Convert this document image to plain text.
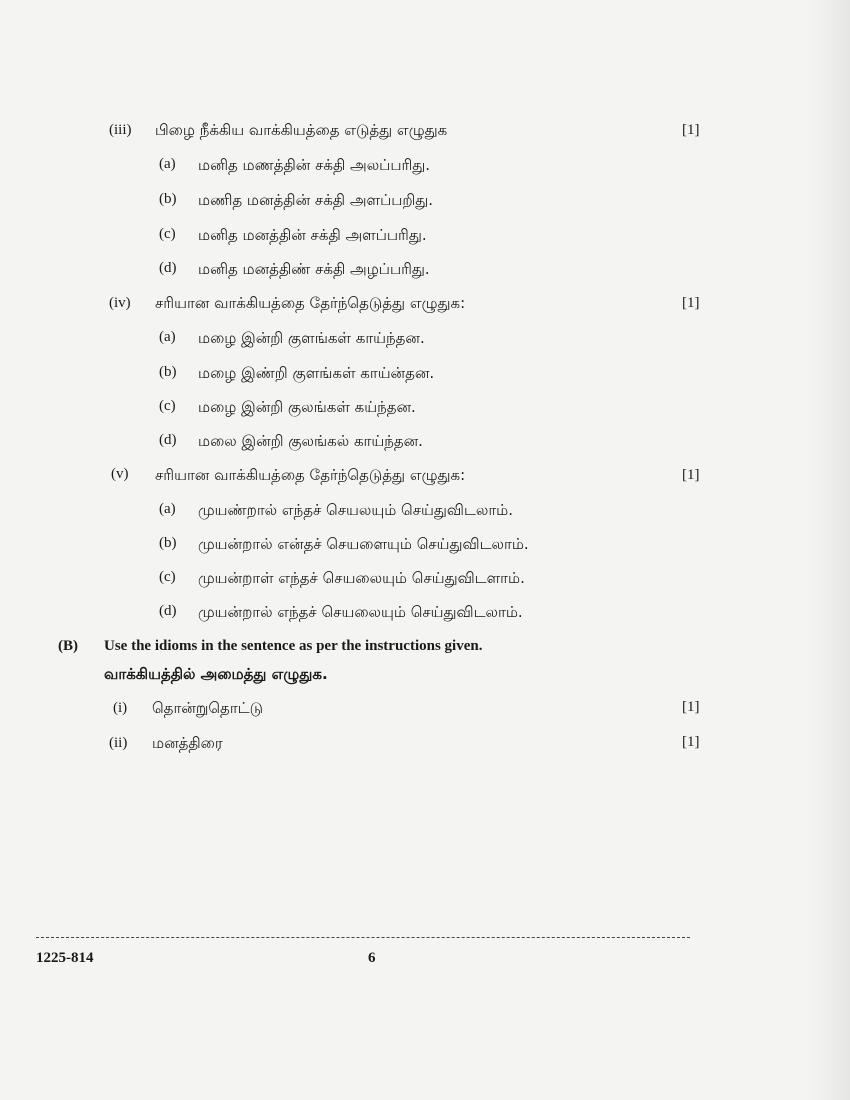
(iii) பிழை நீக்கிய வாக்கியத்தை எடுத்து எழுதுக	[1]
(a) மனித மணத்தின் சக்தி அலப்பரிது.
(b) மணித மனத்தின் சக்தி அளப்பறிது.
(c) மனித மனத்தின் சக்தி அளப்பரிது.
(d) மனித மனத்திண் சக்தி அழப்பரிது.
(iv) சரியான வாக்கியத்தை தேர்ந்தெடுத்து எழுதுக:	[1]
(a) மழை இன்றி குளங்கள் காய்ந்தன.
(b) மழை இண்றி குளங்கள் காய்ன்தன.
(c) மழை இன்றி குலங்கள் கய்ந்தன.
(d) மலை இன்றி குலங்கல் காய்ந்தன.
(v) சரியான வாக்கியத்தை தேர்ந்தெடுத்து எழுதுக:	[1]
(a) முயண்றால் எந்தச் செயலயும் செய்துவிடலாம்.
(b) முயன்றால் என்தச் செயளையும் செய்துவிடலாம்.
(c) முயன்றாள் எந்தச் செயலையும் செய்துவிடளாம்.
(d) முயன்றால் எந்தச் செயலையும் செய்துவிடலாம்.
(B) Use the idioms in the sentence as per the instructions given.
வாக்கியத்தில் அமைத்து எழுதுக.
(i) தொன்றுதொட்டு	[1]
(ii) மனத்திரை	[1]
1225-814	6
